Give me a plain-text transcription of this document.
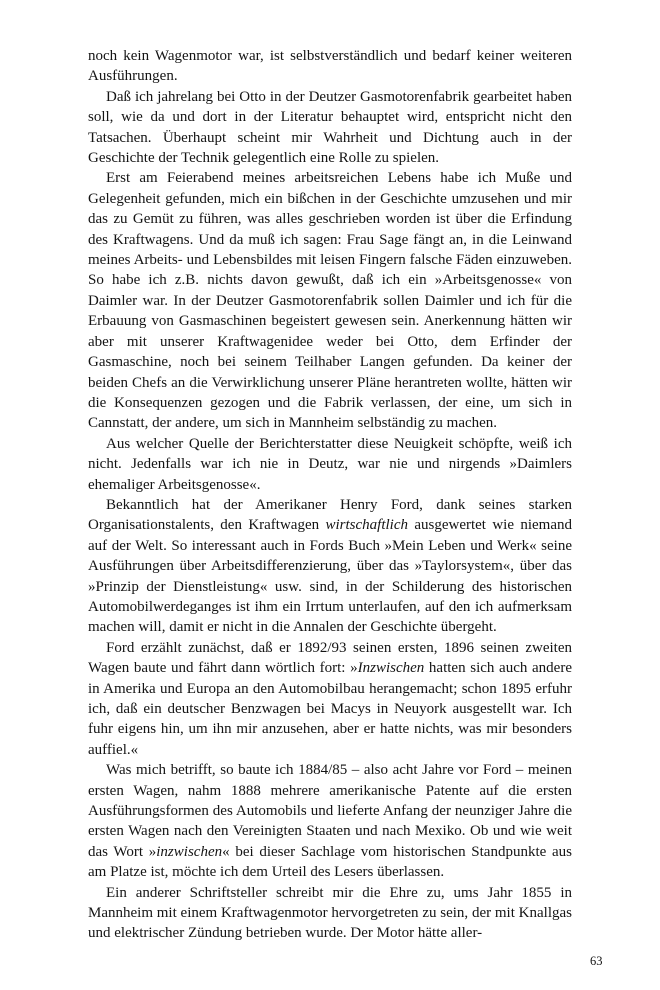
noch kein Wagenmotor war, ist selbstverständlich und bedarf keiner weiteren Ausführungen.

Daß ich jahrelang bei Otto in der Deutzer Gasmotorenfabrik gearbeitet haben soll, wie da und dort in der Literatur behauptet wird, entspricht nicht den Tatsachen. Überhaupt scheint mir Wahrheit und Dichtung auch in der Geschichte der Technik gelegentlich eine Rolle zu spielen.

Erst am Feierabend meines arbeitsreichen Lebens habe ich Muße und Gelegenheit gefunden, mich ein bißchen in der Geschichte umzusehen und mir das zu Gemüt zu führen, was alles geschrieben worden ist über die Erfindung des Kraftwagens. Und da muß ich sagen: Frau Sage fängt an, in die Leinwand meines Arbeits- und Lebensbildes mit leisen Fingern falsche Fäden einzuweben. So habe ich z.B. nichts davon gewußt, daß ich ein »Arbeitsgenosse« von Daimler war. In der Deutzer Gasmotorenfabrik sollen Daimler und ich für die Erbauung von Gasmaschinen begeistert gewesen sein. Anerkennung hätten wir aber mit unserer Kraftwagenidee weder bei Otto, dem Erfinder der Gasmaschine, noch bei seinem Teilhaber Langen gefunden. Da keiner der beiden Chefs an die Verwirklichung unserer Pläne herantreten wollte, hätten wir die Konsequenzen gezogen und die Fabrik verlassen, der eine, um sich in Cannstatt, der andere, um sich in Mannheim selbständig zu machen.

Aus welcher Quelle der Berichterstatter diese Neuigkeit schöpfte, weiß ich nicht. Jedenfalls war ich nie in Deutz, war nie und nirgends »Daimlers ehemaliger Arbeitsgenosse«.

Bekanntlich hat der Amerikaner Henry Ford, dank seines starken Organisationstalents, den Kraftwagen wirtschaftlich ausgewertet wie niemand auf der Welt. So interessant auch in Fords Buch »Mein Leben und Werk« seine Ausführungen über Arbeitsdifferenzierung, über das »Taylorsystem«, über das »Prinzip der Dienstleistung« usw. sind, in der Schilderung des historischen Automobilwerdeganges ist ihm ein Irrtum unterlaufen, auf den ich aufmerksam machen will, damit er nicht in die Annalen der Geschichte übergeht.

Ford erzählt zunächst, daß er 1892/93 seinen ersten, 1896 seinen zweiten Wagen baute und fährt dann wörtlich fort: »Inzwischen hatten sich auch andere in Amerika und Europa an den Automobilbau herangemacht; schon 1895 erfuhr ich, daß ein deutscher Benzwagen bei Macys in Neuyork ausgestellt war. Ich fuhr eigens hin, um ihn mir anzusehen, aber er hatte nichts, was mir besonders auffiel.«

Was mich betrifft, so baute ich 1884/85 – also acht Jahre vor Ford – meinen ersten Wagen, nahm 1888 mehrere amerikanische Patente auf die ersten Ausführungsformen des Automobils und lieferte Anfang der neunziger Jahre die ersten Wagen nach den Vereinigten Staaten und nach Mexiko. Ob und wie weit das Wort »inzwischen« bei dieser Sachlage vom historischen Standpunkte aus am Platze ist, möchte ich dem Urteil des Lesers überlassen.

Ein anderer Schriftsteller schreibt mir die Ehre zu, ums Jahr 1855 in Mannheim mit einem Kraftwagenmotor hervorgetreten zu sein, der mit Knallgas und elektrischer Zündung betrieben wurde. Der Motor hätte aller-

63
